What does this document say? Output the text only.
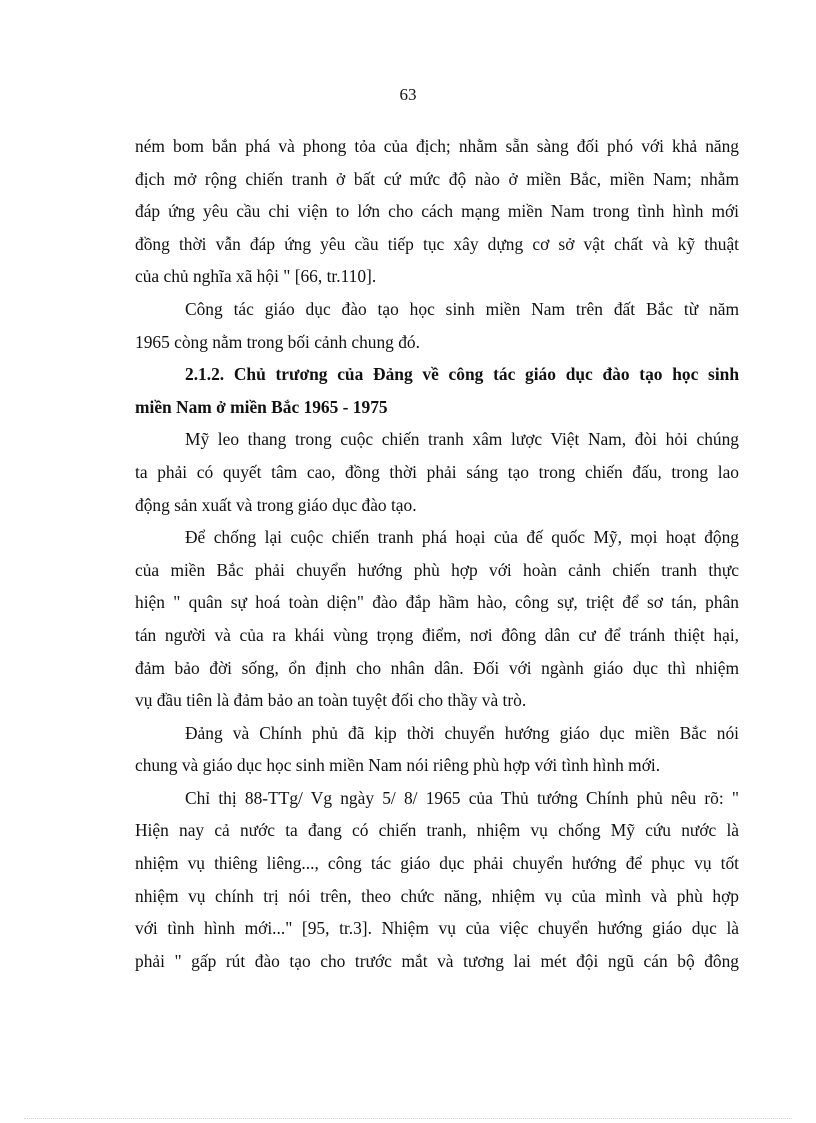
63

ném bom bắn phá và phong tỏa của địch; nhằm sẵn sàng đối phó với khả năng
địch mở rộng chiến tranh ở bất cứ mức độ nào ở miền Bắc, miền Nam; nhằm
đáp ứng yêu cầu chi viện to lớn cho cách mạng miền Nam trong tình hình mới
đồng thời vẫn đáp ứng yêu cầu tiếp tục xây dựng cơ sở vật chất và kỹ thuật
của chủ nghĩa xã hội " [66, tr.110].

Công tác giáo dục đào tạo học sinh miền Nam trên đất Bắc từ năm
1965 còng nằm trong bối cảnh chung đó.

2.1.2. Chủ trương của Đảng về công tác giáo dục đào tạo học sinh
miền Nam ở miền Bắc 1965 - 1975

Mỹ leo thang trong cuộc chiến tranh xâm lược Việt Nam, đòi hỏi chúng
ta phải có quyết tâm cao, đồng thời phải sáng tạo trong chiến đấu, trong lao
động sản xuất và trong giáo dục đào tạo.

Để chống lại cuộc chiến tranh phá hoại của đế quốc Mỹ, mọi hoạt động
của miền Bắc phải chuyển hướng phù hợp với hoàn cảnh chiến tranh thực
hiện " quân sự hoá toàn diện" đào đắp hầm hào, công sự, triệt để sơ tán, phân
tán người và của ra khái vùng trọng điểm, nơi đông dân cư để tránh thiệt hại,
đảm bảo đời sống, ổn định cho nhân dân. Đối với ngành giáo dục thì nhiệm
vụ đầu tiên là đảm bảo an toàn tuyệt đối cho thầy và trò.

Đảng và Chính phủ đã kịp thời chuyển hướng giáo dục miền Bắc nói
chung và giáo dục học sinh miền Nam nói riêng phù hợp với tình hình mới.

Chỉ thị 88-TTg/ Vg ngày 5/ 8/ 1965 của Thủ tướng Chính phủ nêu rõ: "
Hiện nay cả nước ta đang có chiến tranh, nhiệm vụ chống Mỹ cứu nước là
nhiệm vụ thiêng liêng..., công tác giáo dục phải chuyển hướng để phục vụ tốt
nhiệm vụ chính trị nói trên, theo chức năng, nhiệm vụ của mình và phù hợp
với tình hình mới..." [95, tr.3]. Nhiệm vụ của việc chuyển hướng giáo dục là
phải " gấp rút đào tạo cho trước mắt và tương lai mét đội ngũ cán bộ đông
